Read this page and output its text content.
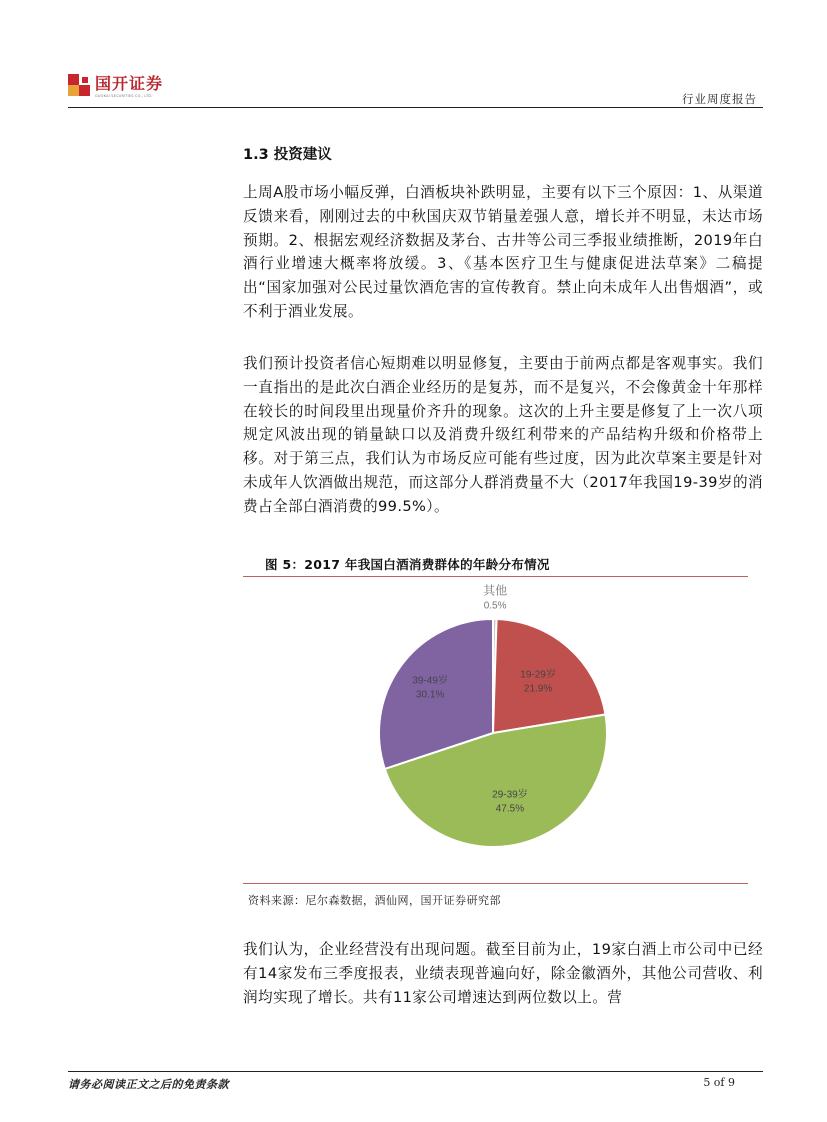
国开证券
GUOKAI SECURITIES CO., LTD.	行业周度报告
1.3 投资建议

上周A股市场小幅反弹，白酒板块补跌明显，主要有以下三个原因：1、从渠道反馈来看，刚刚过去的中秋国庆双节销量差强人意，增长并不明显，未达市场预期。2、根据宏观经济数据及茅台、古井等公司三季报业绩推断，2019年白酒行业增速大概率将放缓。3、《基本医疗卫生与健康促进法草案》二稿提出“国家加强对公民过量饮酒危害的宣传教育。禁止向未成年人出售烟酒”，或不利于酒业发展。

我们预计投资者信心短期难以明显修复，主要由于前两点都是客观事实。我们一直指出的是此次白酒企业经历的是复苏，而不是复兴，不会像黄金十年那样在较长的时间段里出现量价齐升的现象。这次的上升主要是修复了上一次八项规定风波出现的销量缺口以及消费升级红利带来的产品结构升级和价格带上移。对于第三点，我们认为市场反应可能有些过度，因为此次草案主要是针对未成年人饮酒做出规范，而这部分人群消费量不大（2017年我国19-39岁的消费占全部白酒消费的99.5%）。

图 5：2017 年我国白酒消费群体的年龄分布情况
其他
0.5%
19-29岁
21.9%
29-39岁
47.5%
39-49岁
30.1%
资料来源：尼尔森数据，酒仙网，国开证券研究部

我们认为，企业经营没有出现问题。截至目前为止，19家白酒上市公司中已经有14家发布三季度报表，业绩表现普遍向好，除金徽酒外，其他公司营收、利润均实现了增长。共有11家公司增速达到两位数以上。营

请务必阅读正文之后的免责条款	5 of 9
